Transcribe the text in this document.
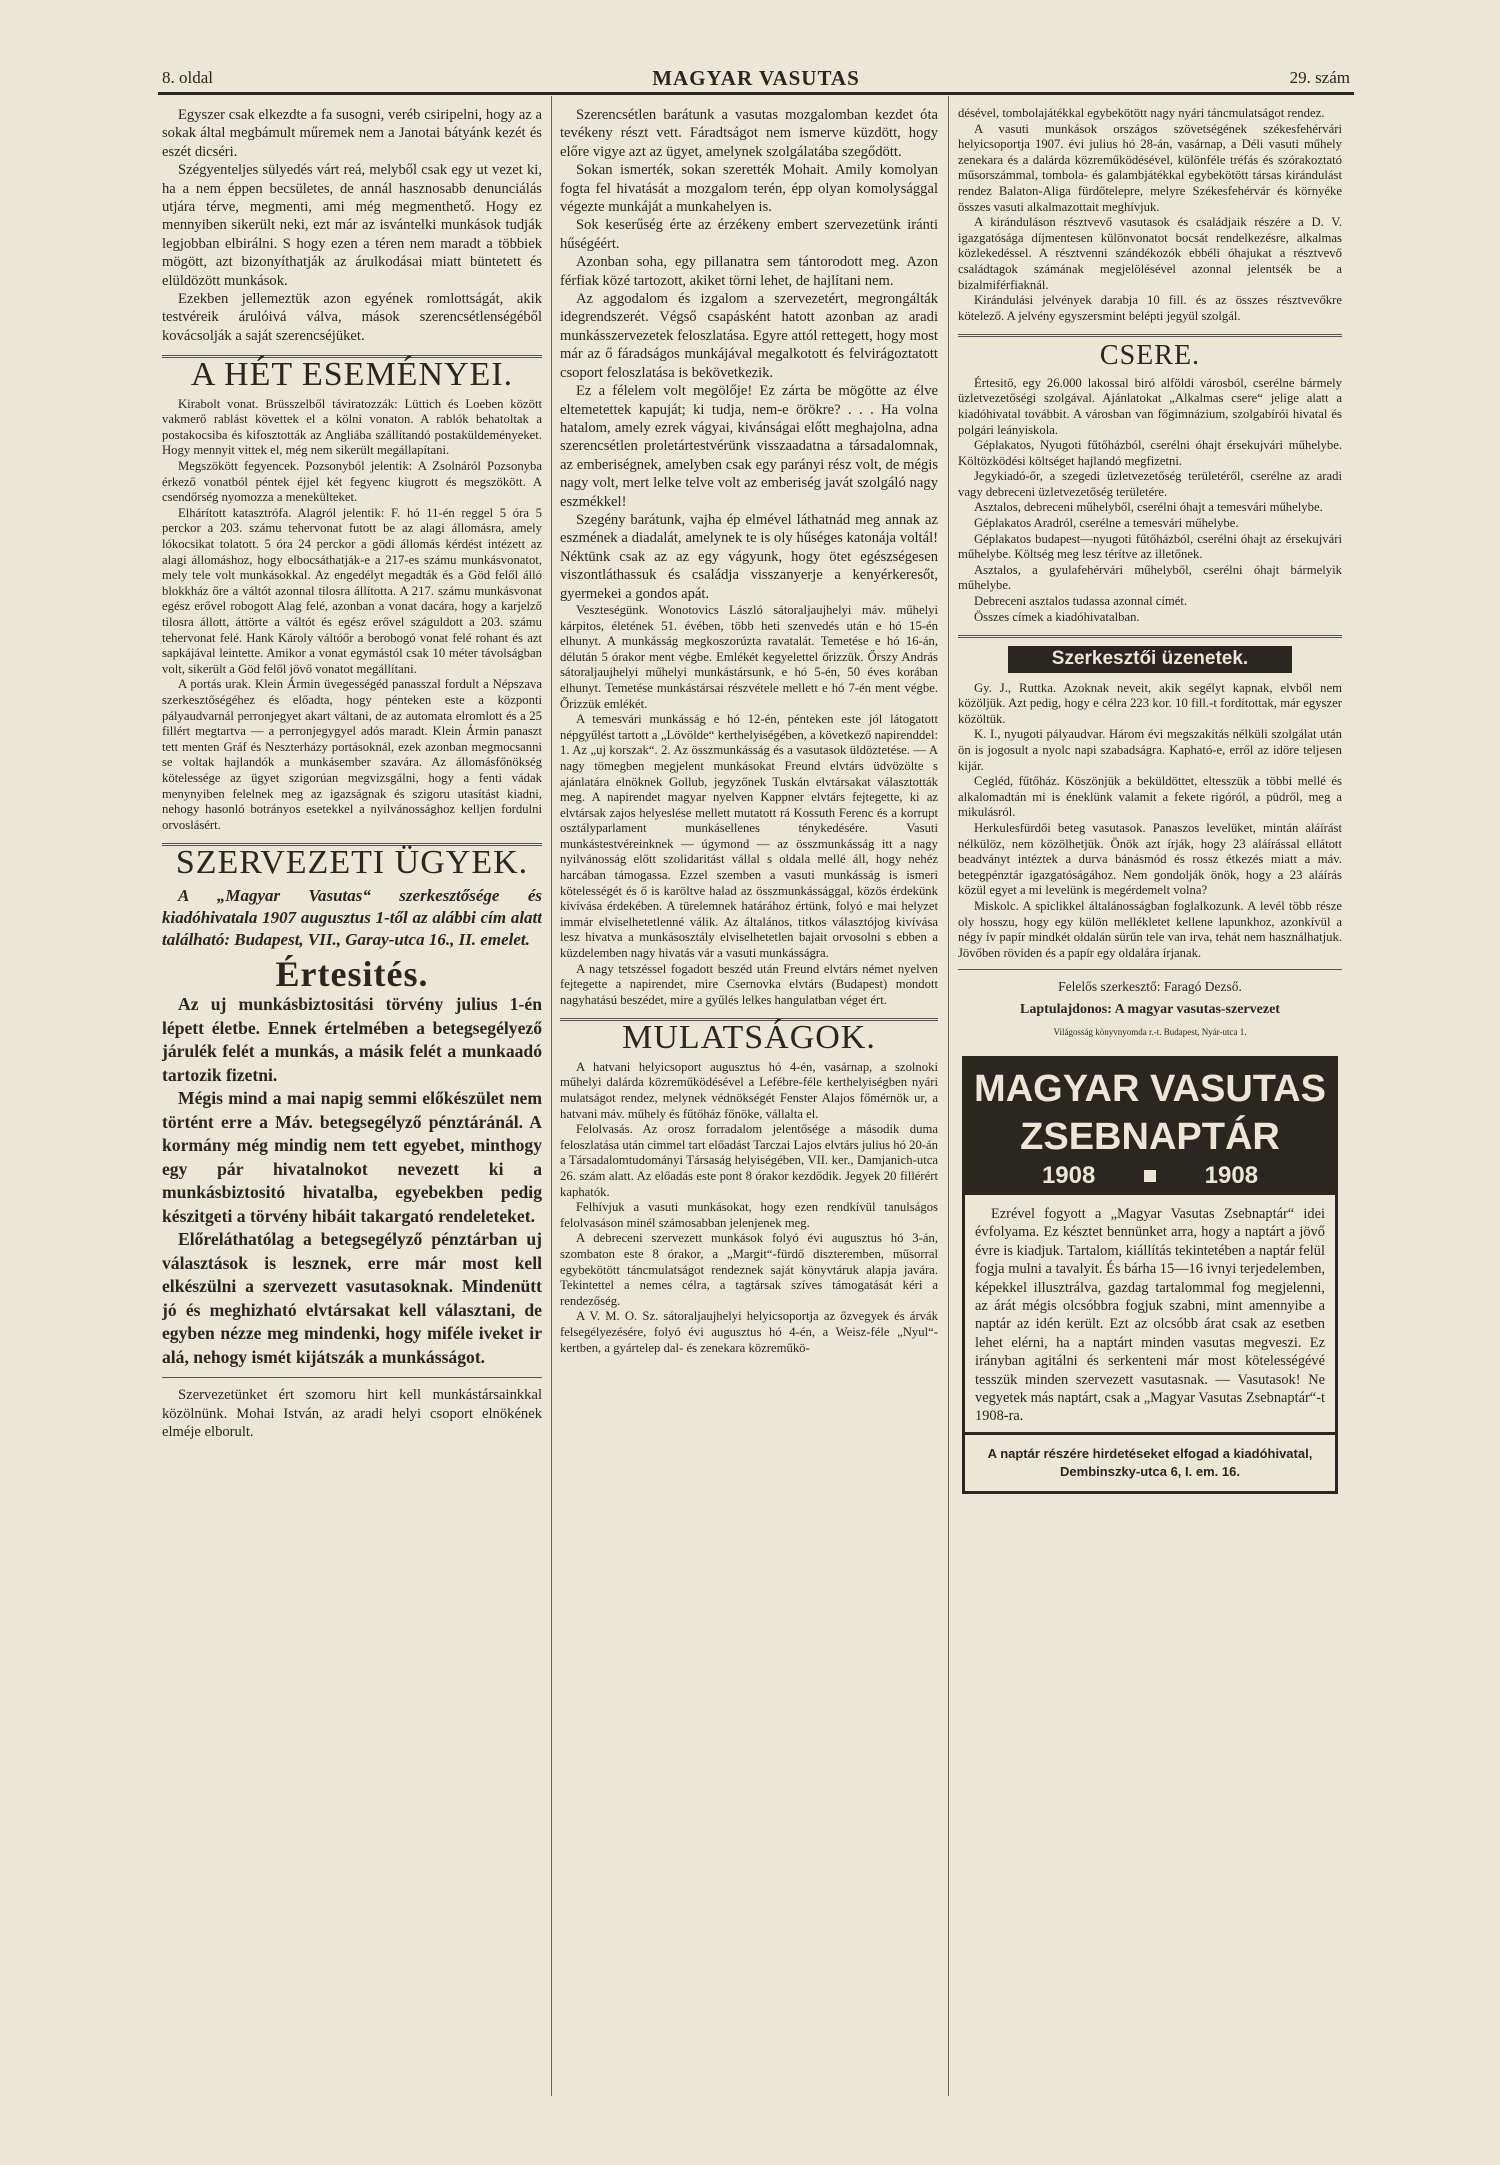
8. oldal	MAGYAR VASUTAS	29. szám

Egyszer csak elkezdte a fa susogni, veréb csiripelni, hogy az a sokak által megbámult műremek nem a Janotai bátyánk kezét és eszét dicséri.

Szégyenteljes sülyedés várt reá, melyből csak egy ut vezet ki, ha a nem éppen becsületes, de annál hasznosabb denunciálás utjára térve, megmenti, ami még megmenthető. Hogy ez mennyiben sikerült neki, ezt már az isvántelki munkások tudják legjobban elbirálni. S hogy ezen a téren nem maradt a többiek mögött, azt bizonyíthatják az árulkodásai miatt büntetett és elüldözött munkások.

Ezekben jellemeztük azon egyének romlottságát, akik testvéreik árulóivá válva, mások szerencsétlenségéből kovácsolják a saját szerencséjüket.

A HÉT ESEMÉNYEI.

Kirabolt vonat. Brüsszelből táviratozzák: Lüttich és Loeben között vakmerő rablást követtek el a kölni vonaton. A rablók behatoltak a postakocsiba és kifosztották az Angliába szállítandó postaküldeményeket. Hogy mennyit vittek el, még nem sikerült megállapítani.

Megszökött fegyencek. Pozsonyból jelentik: A Zsolnáról Pozsonyba érkező vonatból péntek éjjel két fegyenc kiugrott és megszökött. A csendőrség nyomozza a menekülteket.

Elhárított katasztrófa. Alagról jelentik: F. hó 11-én reggel 5 óra 5 perckor a 203. számu tehervonat futott be az alagi állomásra, amely lókocsikat tolatott. 5 óra 24 perckor a gödi állomás kérdést intézett az alagi állomáshoz, hogy elbocsáthatják-e a 217-es számu munkásvonatot, mely tele volt munkásokkal. Az engedélyt megadták és a Göd felől álló blokkház őre a váltót azonnal tilosra állította. A 217. számu munkásvonat egész erővel robogott Alag felé, azonban a vonat dacára, hogy a karjelző tilosra állott, áttörte a váltót és egész erővel száguldott a 203. számu tehervonat felé. Hank Károly váltóőr a berobogó vonat felé rohant és azt sapkájával leintette. Amikor a vonat egymástól csak 10 méter távolságban volt, sikerült a Göd felől jövő vonatot megállítani.

A portás urak. Klein Ármin üvegességéd panasszal fordult a Népszava szerkesztőségéhez és előadta, hogy pénteken este a központi pályaudvarnál perronjegyet akart váltani, de az automata elromlott és a 25 fillért megtartva — a perronjegygyel adós maradt. Klein Ármin panaszt tett menten Gráf és Neszterházy portásoknál, ezek azonban megmocsanni se voltak hajlandók a munkásember szavára. Az állomásfőnökség kötelessége az ügyet szigorúan megvizsgálni, hogy a fenti vádak menynyiben felelnek meg az igazságnak és szigoru utasítást kiadni, nehogy hasonló botrányos esetekkel a nyilvánossághoz kelljen fordulni orvoslásért.

SZERVEZETI ÜGYEK.

A „Magyar Vasutas“ szerkesztősége és kiadóhivatala 1907 augusztus 1-től az alábbi cím alatt található: Budapest, VII., Garay-utca 16., II. emelet.

Értesités.

Az uj munkásbiztositási törvény julius 1-én lépett életbe. Ennek értelmében a betegsegélyező járulék felét a munkás, a másik felét a munkaadó tartozik fizetni.

Mégis mind a mai napig semmi előkészület nem történt erre a Máv. betegsegélyző pénztáránál. A kormány még mindig nem tett egyebet, minthogy egy pár hivatalnokot nevezett ki a munkásbiztositó hivatalba, egyebekben pedig készitgeti a törvény hibáit takargató rendeleteket.

Előreláthatólag a betegsegélyző pénztárban uj választások is lesznek, erre már most kell elkészülni a szervezett vasutasoknak. Mindenütt jó és meghizható elvtársakat kell választani, de egyben nézze meg mindenki, hogy miféle iveket ir alá, nehogy ismét kijátszák a munkásságot.

Szervezetünket ért szomoru hirt kell munkástársainkkal közölnünk. Mohai István, az aradi helyi csoport elnökének elméje elborult.

Szerencsétlen barátunk a vasutas mozgalomban kezdet óta tevékeny részt vett. Fáradtságot nem ismerve küzdött, hogy előre vigye azt az ügyet, amelynek szolgálatába szegődött.

Sokan ismerték, sokan szerették Mohait. Amily komolyan fogta fel hivatását a mozgalom terén, épp olyan komolysággal végezte munkáját a munkahelyen is.

Sok keserűség érte az érzékeny embert szervezetünk iránti hűségéért.

Azonban soha, egy pillanatra sem tántorodott meg. Azon férfiak közé tartozott, akiket törni lehet, de hajlítani nem.

Az aggodalom és izgalom a szervezetért, megrongálták idegrendszerét. Végső csapásként hatott azonban az aradi munkásszervezetek feloszlatása. Egyre attól rettegett, hogy most már az ő fáradságos munkájával megalkotott és felvirágoztatott csoport feloszlatása is bekövetkezik.

Ez a félelem volt megölője! Ez zárta be mögötte az élve eltemetettek kapuját; ki tudja, nem-e örökre? . . . Ha volna hatalom, amely ezrek vágyai, kivánságai előtt meghajolna, adna szerencsétlen proletártestvérünk visszaadatna a társadalomnak, az emberiségnek, amelyben csak egy parányi rész volt, de mégis nagy volt, mert lelke telve volt az emberiség javát szolgáló nagy eszmékkel!

Szegény barátunk, vajha ép elmével láthatnád meg annak az eszmének a diadalát, amelynek te is oly hűséges katonája voltál! Néktünk csak az az egy vágyunk, hogy ötet egészségesen viszontláthassuk és családja visszanyerje a kenyérkeresőt, gyermekei a gondos apát.

Veszteségünk. Wonotovics László sátoraljaujhelyi máv. műhelyi kárpitos, életének 51. évében, több heti szenvedés után e hó 15-én elhunyt. A munkásság megkoszorúzta ravatalát. Temetése e hó 16-án, délután 5 órakor ment végbe. Emlékét kegyelettel őrizzük. Őrszy András sátoraljaujhelyi műhelyi munkástársunk, e hó 5-én, 50 éves korában elhunyt. Temetése munkástársai részvétele mellett e hó 7-én ment végbe. Őrizzük emlékét.

A temesvári munkásság e hó 12-én, pénteken este jól látogatott népgyűlést tartott a „Lövölde“ kerthelyiségében, a következő napirenddel: 1. Az „uj korszak“. 2. Az összmunkásság és a vasutasok üldöztetése. — A nagy tömegben megjelent munkásokat Freund elvtárs üdvözölte s ajánlatára elnöknek Gollub, jegyzőnek Tuskán elvtársakat választották meg. A napirendet magyar nyelven Kappner elvtárs fejtegette, ki az elvtársak zajos helyeslése mellett mutatott rá Kossuth Ferenc és a korrupt osztályparlament munkásellenes ténykedésére. Vasuti munkástestvéreinknek — úgymond — az összmunkásság itt a nagy nyilvánosság előtt szolidaritást vállal s oldala mellé áll, hogy nehéz harcában támogassa. Ezzel szemben a vasuti munkásság is ismeri kötelességét és ő is karöltve halad az összmunkássággal, közös érdekünk kivívása érdekében. A türelemnek határához értünk, folyó e mai helyzet immár elviselhetetlenné válik. Az általános, titkos választójog kivívása lesz hivatva a munkásosztály elviselhetetlen bajait orvosolni s ebben a küzdelemben nagy hivatás vár a vasuti munkásságra.

A nagy tetszéssel fogadott beszéd után Freund elvtárs német nyelven fejtegette a napirendet, mire Csernovka elvtárs (Budapest) mondott nagyhatású beszédet, mire a gyűlés lelkes hangulatban véget ért.

MULATSÁGOK.

A hatvani helyicsoport augusztus hó 4-én, vasárnap, a szolnoki műhelyi dalárda közreműködésével a Lefébre-féle kerthelyiségben nyári mulatságot rendez, melynek védnökségét Fenster Alajos főmérnök ur, a hatvani máv. műhely és fűtőház főnöke, vállalta el.

Felolvasás. Az orosz forradalom jelentősége a második duma feloszlatása után cimmel tart előadást Tarczai Lajos elvtárs julius hó 20-án a Társadalomtudományi Társaság helyiségében, VII. ker., Damjanich-utca 26. szám alatt. Az előadás este pont 8 órakor kezdődik. Jegyek 20 fillérért kaphatók.

Felhívjuk a vasuti munkásokat, hogy ezen rendkívül tanulságos felolvasáson minél számosabban jelenjenek meg.

A debreceni szervezett munkások folyó évi augusztus hó 3-án, szombaton este 8 órakor, a „Margit“-fürdő diszteremben, műsorral egybekötött táncmulatságot rendeznek saját könyvtáruk alapja javára. Tekintettel a nemes célra, a tagtársak szíves támogatását kéri a rendezőség.

A V. M. O. Sz. sátoraljaujhelyi helyicsoportja az őzvegyek és árvák felsegélyezésére, folyó évi augusztus hó 4-én, a Weisz-féle „Nyul“-kertben, a gyártelep dal- és zenekara közreműkö-

désével, tombolajátékkal egybekötött nagy nyári táncmulatságot rendez.

A vasuti munkások országos szövetségének székesfehérvári helyicsoportja 1907. évi julius hó 28-án, vasárnap, a Déli vasuti műhely zenekara és a dalárda közreműködésével, különféle tréfás és szórakoztató műsorszámmal, tombola- és galambjátékkal egybekötött társas kirándulást rendez Balaton-Aliga fürdőtelepre, melyre Székesfehérvár és környéke összes vasuti alkalmazottait meghívjuk.

A kiránduláson résztvevő vasutasok és családjaik részére a D. V. igazgatósága díjmentesen különvonatot bocsát rendelkezésre, alkalmas közlekedéssel. A résztvenni szándékozók ebbéli óhajukat a résztvevő családtagok számának megjelölésével azonnal jelentsék be a bizalmiférfiaknál.

Kirándulási jelvények darabja 10 fill. és az összes résztvevőkre kötelező. A jelvény egyszersmint belépti jegyül szolgál.

CSERE.

Értesitő, egy 26.000 lakossal biró alföldi városból, cserélne bármely üzletvezetőségi szolgával. Ajánlatokat „Alkalmas csere“ jelige alatt a kiadóhivatal továbbit. A városban van főgimnázium, szolgabírói hivatal és polgári leányiskola.

Géplakatos, Nyugoti fűtőházból, cserélni óhajt érsekujvári műhelybe. Költözködési költséget hajlandó megfizetni.

Jegykiadó-őr, a szegedi üzletvezetőség területéről, cserélne az aradi vagy debreceni üzletvezetőség területére.

Asztalos, debreceni műhelyből, cserélni óhajt a temesvári műhelybe.

Géplakatos Aradról, cserélne a temesvári műhelybe.

Géplakatos budapest—nyugoti fűtőházból, cserélni óhajt az érsekujvári műhelybe. Költség meg lesz térítve az illetőnek.

Asztalos, a gyulafehérvári műhelyből, cserélni óhajt bármelyik műhelybe.

Debreceni asztalos tudassa azonnal címét.

Összes címek a kiadóhivatalban.

Szerkesztői üzenetek.

Gy. J., Ruttka. Azoknak neveit, akik segélyt kapnak, elvből nem közöljük. Azt pedig, hogy e célra 223 kor. 10 fill.-t fordítottak, már egyszer közöltük.

K. I., nyugoti pályaudvar. Három évi megszakítás nélküli szolgálat után ön is jogosult a nyolc napi szabadságra. Kapható-e, erről az idöre teljesen kijár.

Cegléd, fűtőház. Köszönjük a beküldöttet, eltesszük a többi mellé és alkalomadtán mi is éneklünk valamit a fekete rigóról, a püdről, meg a mikulásról.

Herkulesfürdői beteg vasutasok. Panaszos levelüket, mintán aláírást nélkülöz, nem közölhetjük. Önök azt írják, hogy 23 aláírással ellátott beadványt intéztek a durva bánásmód és rossz étkezés miatt a máv. betegpénztár igazgatóságához. Nem gondolják önök, hogy a 23 aláírás közül egyet a mi levelünk is megérdemelt volna?

Miskolc. A spiclikkel általánosságban foglalkozunk. A levél több része oly hosszu, hogy egy külön mellékletet kellene lapunkhoz, azonkívül a négy ív papír mindkét oldalán sürűn tele van irva, tehát nem használhatjuk. Jövőben röviden és a papír egy oldalára írjanak.

Felelős szerkesztő: Faragó Dezső.
Laptulajdonos: A magyar vasutas-szervezet
Világosság könyvnyomda r.-t. Budapest, Nyár-utca 1.
MAGYAR VASUTAS
ZSEBNAPTÁR
1908	1908

Ezrével fogyott a „Magyar Vasutas Zsebnaptár“ idei évfolyama. Ez késztet bennünket arra, hogy a naptárt a jövő évre is kiadjuk. Tartalom, kiállítás tekintetében a naptár felül fogja mulni a tavalyit. És bárha 15—16 ivnyi terjedelemben, képekkel illusztrálva, gazdag tartalommal fog megjelenni, az árát mégis olcsóbbra fogjuk szabni, mint amennyibe a naptár az idén került. Ezt az olcsóbb árat csak az esetben lehet elérni, ha a naptárt minden vasutas megveszi. Ez irányban agitálni és serkenteni már most kötelességévé tesszük minden szervezett vasutasnak. — Vasutasok! Ne vegyetek más naptárt, csak a „Magyar Vasutas Zsebnaptár“-t 1908-ra.

A naptár részére hirdetéseket elfogad a kiadóhivatal, Dembinszky-utca 6, I. em. 16.
